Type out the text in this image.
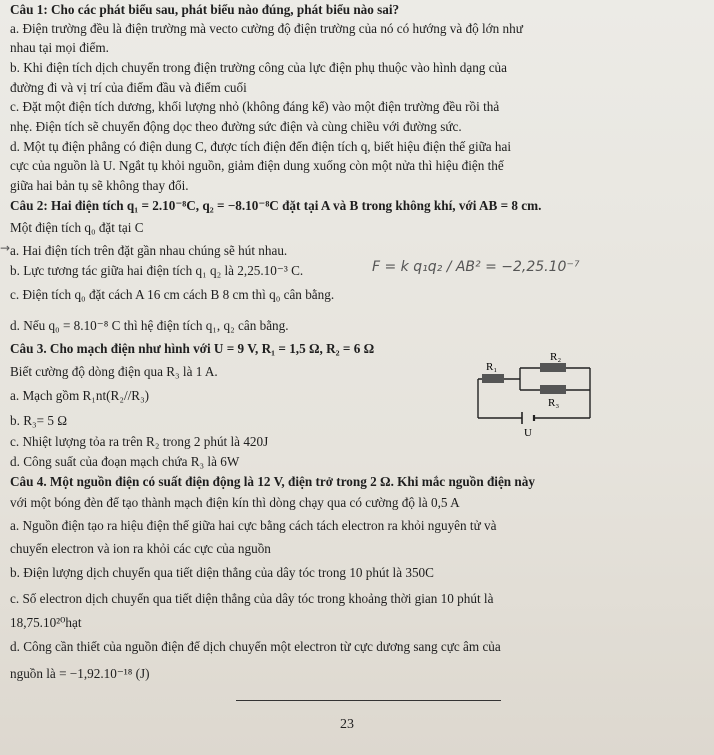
Câu 1: Cho các phát biểu sau, phát biểu nào đúng, phát biểu nào sai?
a. Điện trường đều là điện trường mà vecto cường độ điện trường của nó có hướng và độ lớn như
nhau tại mọi điểm.
b. Khi điện tích dịch chuyển trong điện trường công của lực điện phụ thuộc vào hình dạng của
đường đi và vị trí của điểm đầu và điểm cuối
c. Đặt một điện tích dương, khối lượng nhỏ (không đáng kể) vào một điện trường đều rồi thả
nhẹ. Điện tích sẽ chuyển động dọc theo đường sức điện và cùng chiều với đường sức.
d. Một tụ điện phẳng có điện dung C, được tích điện đến điện tích q, biết hiệu điện thế giữa hai
cực của nguồn là U. Ngắt tụ khỏi nguồn, giảm điện dung xuống còn một nửa thì hiệu điện thế
giữa hai bản tụ sẽ không thay đổi.
Câu 2: Hai điện tích q₁ = 2.10⁻⁸C, q₂ = −8.10⁻⁸C đặt tại A và B trong không khí, với AB = 8 cm.
Một điện tích q₀ đặt tại C
a. Hai điện tích trên đặt gần nhau chúng sẽ hút nhau.
b. Lực tương tác giữa hai điện tích q₁ q₂ là 2,25.10⁻³ C.	F = k q₁q₂ / AB² = −2,25.10⁻⁷
→
c. Điện tích q₀ đặt cách A 16 cm cách B 8 cm thì q₀ cân bằng.
d. Nếu q₀ = 8.10⁻⁸ C thì hệ điện tích q₁, q₂ cân bằng.
Câu 3. Cho mạch điện như hình với U = 9 V, R₁ = 1,5 Ω, R₂ = 6 Ω
Biết cường độ dòng điện qua R₃ là 1 A.
a. Mạch gồm R₁nt(R₂//R₃)
b. R₃= 5 Ω
c. Nhiệt lượng tỏa ra trên R₂ trong 2 phút là 420J
d. Công suất của đoạn mạch chứa R₃ là 6W
R₂
R₁
R₃
U
Câu 4. Một nguồn điện có suất điện động là 12 V, điện trở trong 2 Ω. Khi mắc nguồn điện này
với một bóng đèn để tạo thành mạch điện kín thì dòng chạy qua có cường độ là 0,5 A
a. Nguồn điện tạo ra hiệu điện thế giữa hai cực bằng cách tách electron ra khỏi nguyên tử và
chuyển electron và ion ra khỏi các cực của nguồn
b. Điện lượng dịch chuyển qua tiết diện thẳng của dây tóc trong 10 phút là 350C
c. Số electron dịch chuyển qua tiết diện thẳng của dây tóc trong khoảng thời gian 10 phút là
18,75.10²⁰hạt
d. Công cần thiết của nguồn điện để dịch chuyển một electron từ cực dương sang cực âm của
nguồn là = −1,92.10⁻¹⁸ (J)
23
